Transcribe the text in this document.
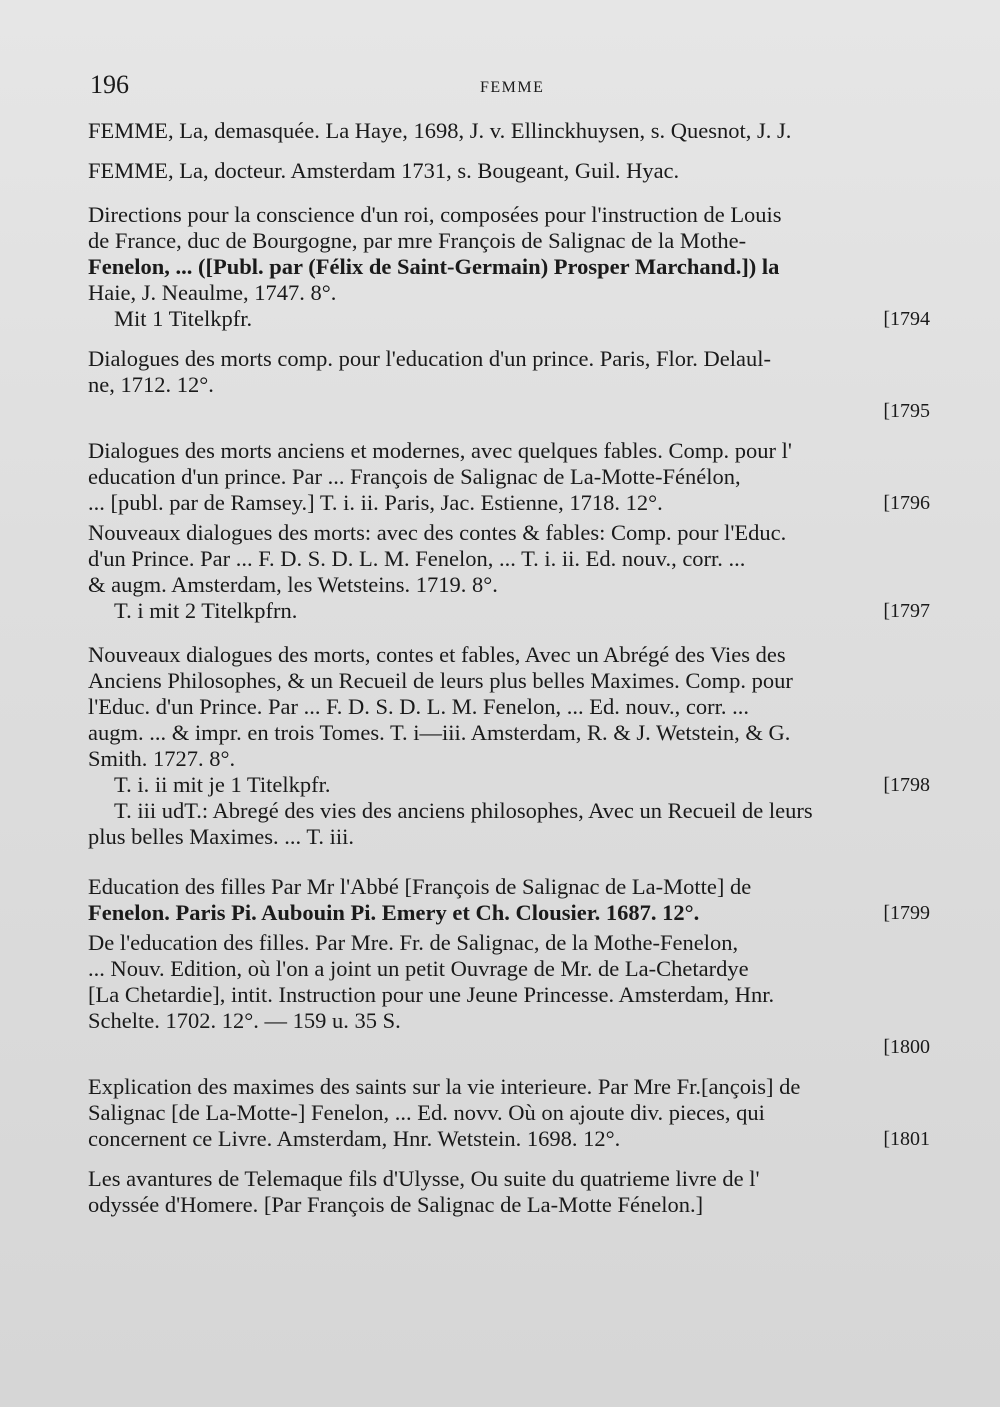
196	FEMME
FEMME, La, demasquée. La Haye, 1698, J. v. Ellinckhuysen, s. Quesnot, J. J.
FEMME, La, docteur. Amsterdam 1731, s. Bougeant, Guil. Hyac.
Directions pour la conscience d'un roi, composées pour l'instruction de Louis
de France, duc de Bourgogne, par mre François de Salignac de la Mothe-
Fenelon, ... ([Publ. par (Félix de Saint-Germain) Prosper Marchand.]) la
Haie, J. Neaulme, 1747. 8°.
Mit 1 Titelkpfr.	[1794
Dialogues des morts comp. pour l'education d'un prince. Paris, Flor. Delaul-
ne, 1712. 12°.
[1795
Dialogues des morts anciens et modernes, avec quelques fables. Comp. pour l'
education d'un prince. Par ... François de Salignac de La-Motte-Fénélon,
... [publ. par de Ramsey.] T. i. ii. Paris, Jac. Estienne, 1718. 12°.	[1796
Nouveaux dialogues des morts: avec des contes & fables: Comp. pour l'Educ.
d'un Prince. Par ... F. D. S. D. L. M. Fenelon, ... T. i. ii. Ed. nouv., corr. ...
& augm. Amsterdam, les Wetsteins. 1719. 8°.
T. i mit 2 Titelkpfrn.	[1797
Nouveaux dialogues des morts, contes et fables, Avec un Abrégé des Vies des
Anciens Philosophes, & un Recueil de leurs plus belles Maximes. Comp. pour
l'Educ. d'un Prince. Par ... F. D. S. D. L. M. Fenelon, ... Ed. nouv., corr. ...
augm. ... & impr. en trois Tomes. T. i—iii. Amsterdam, R. & J. Wetstein, & G.
Smith. 1727. 8°.
T. i. ii mit je 1 Titelkpfr.	[1798
T. iii udT.: Abregé des vies des anciens philosophes, Avec un Recueil de leurs
plus belles Maximes. ... T. iii.
Education des filles Par Mr l'Abbé [François de Salignac de La-Motte] de
Fenelon. Paris Pi. Aubouin Pi. Emery et Ch. Clousier. 1687. 12°.	[1799
De l'education des filles. Par Mre. Fr. de Salignac, de la Mothe-Fenelon,
... Nouv. Edition, où l'on a joint un petit Ouvrage de Mr. de La-Chetardye
[La Chetardie], intit. Instruction pour une Jeune Princesse. Amsterdam, Hnr.
Schelte. 1702. 12°. — 159 u. 35 S.
[1800
Explication des maximes des saints sur la vie interieure. Par Mre Fr.[ançois] de
Salignac [de La-Motte-] Fenelon, ... Ed. novv. Où on ajoute div. pieces, qui
concernent ce Livre. Amsterdam, Hnr. Wetstein. 1698. 12°.	[1801
Les avantures de Telemaque fils d'Ulysse, Ou suite du quatrieme livre de l'
odyssée d'Homere. [Par François de Salignac de La-Motte Fénelon.]
